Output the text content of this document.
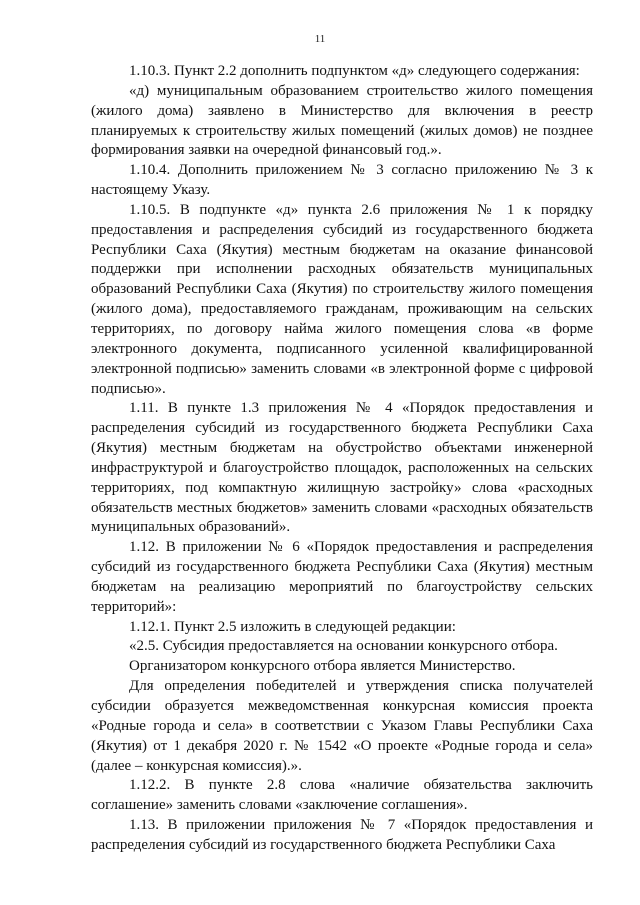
11

1.10.3. Пункт 2.2 дополнить подпунктом «д» следующего содержания:

«д) муниципальным образованием строительство жилого помещения (жилого дома) заявлено в Министерство для включения в реестр планируемых к строительству жилых помещений (жилых домов) не позднее формирования заявки на очередной финансовый год.».

1.10.4. Дополнить приложением № 3 согласно приложению № 3 к настоящему Указу.

1.10.5. В подпункте «д» пункта 2.6 приложения № 1 к порядку предоставления и распределения субсидий из государственного бюджета Республики Саха (Якутия) местным бюджетам на оказание финансовой поддержки при исполнении расходных обязательств муниципальных образований Республики Саха (Якутия) по строительству жилого помещения (жилого дома), предоставляемого гражданам, проживающим на сельских территориях, по договору найма жилого помещения слова «в форме электронного документа, подписанного усиленной квалифицированной электронной подписью» заменить словами «в электронной форме с цифровой подписью».

1.11. В пункте 1.3 приложения № 4 «Порядок предоставления и распределения субсидий из государственного бюджета Республики Саха (Якутия) местным бюджетам на обустройство объектами инженерной инфраструктурой и благоустройство площадок, расположенных на сельских территориях, под компактную жилищную застройку» слова «расходных обязательств местных бюджетов» заменить словами «расходных обязательств муниципальных образований».

1.12. В приложении № 6 «Порядок предоставления и распределения субсидий из государственного бюджета Республики Саха (Якутия) местным бюджетам на реализацию мероприятий по благоустройству сельских территорий»:

1.12.1. Пункт 2.5 изложить в следующей редакции:

«2.5. Субсидия предоставляется на основании конкурсного отбора.

Организатором конкурсного отбора является Министерство.

Для определения победителей и утверждения списка получателей субсидии образуется межведомственная конкурсная комиссия проекта «Родные города и села» в соответствии с Указом Главы Республики Саха (Якутия) от 1 декабря 2020 г. № 1542 «О проекте «Родные города и села» (далее – конкурсная комиссия).».

1.12.2. В пункте 2.8 слова «наличие обязательства заключить соглашение» заменить словами «заключение соглашения».

1.13. В приложении приложения № 7 «Порядок предоставления и распределения субсидий из государственного бюджета Республики Саха
